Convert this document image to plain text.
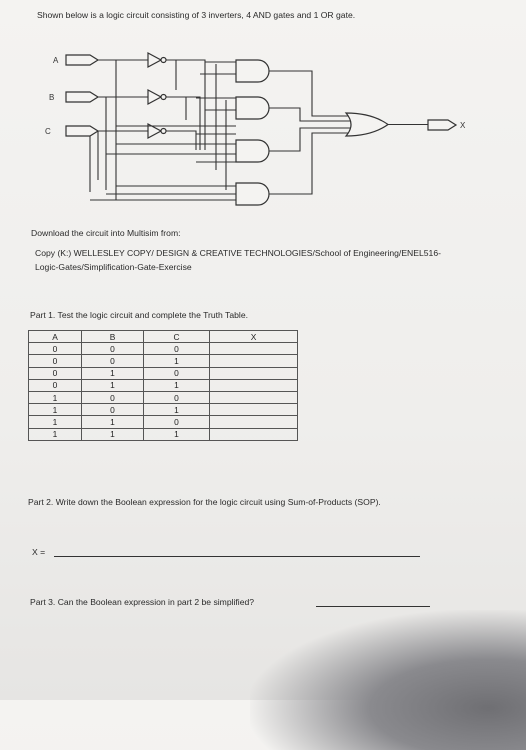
Shown below is a logic circuit consisting of 3 inverters, 4 AND gates and 1 OR gate.
A
B
C
X
Download the circuit into Multisim from:
Copy (K:) WELLESLEY COPY/ DESIGN & CREATIVE TECHNOLOGIES/School of Engineering/ENEL516-
Logic-Gates/Simplification-Gate-Exercise
Part 1. Test the logic circuit and complete the Truth Table.
A	B	C	X
0	0	0	
0	0	1	
0	1	0	
0	1	1	
1	0	0	
1	0	1	
1	1	0	
1	1	1	
Part 2. Write down the Boolean expression for the logic circuit using Sum-of-Products (SOP).
X =
Part 3. Can the Boolean expression in part 2 be simplified?
